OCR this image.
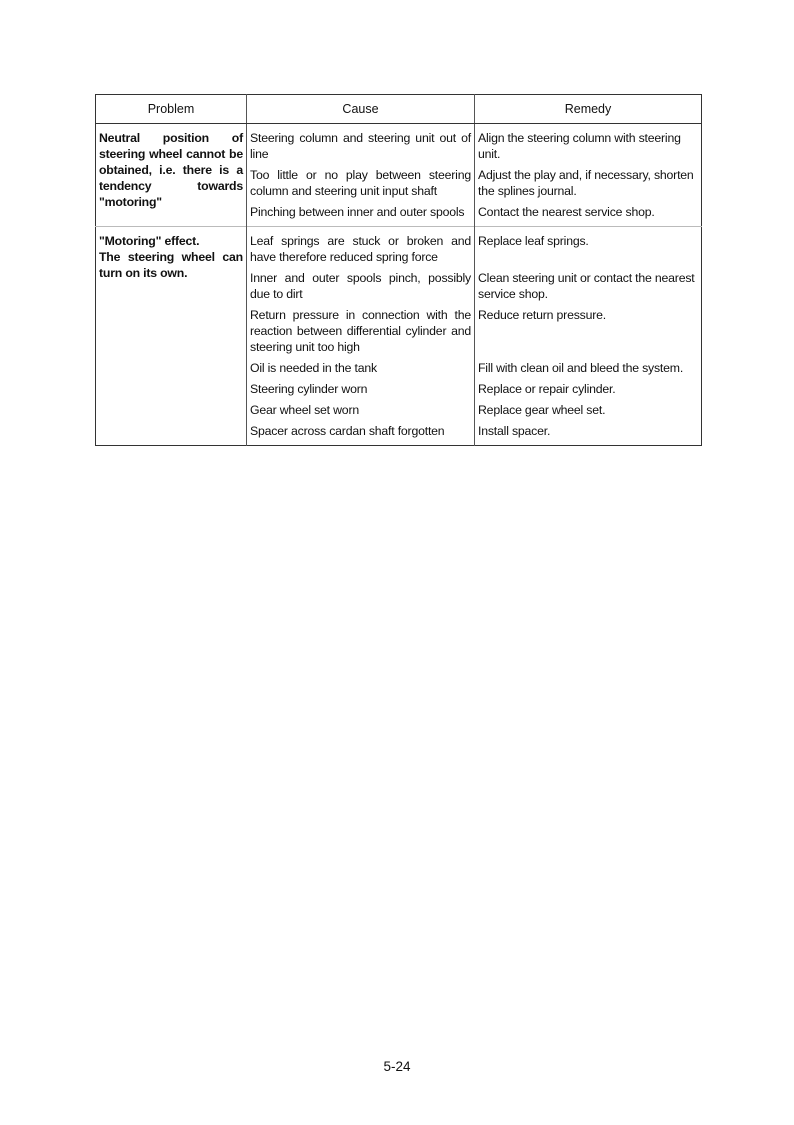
Problem	Cause	Remedy

Neutral position of steering wheel cannot be obtained, i.e. there is a tendency towards "motoring"	Steering column and steering unit out of line	Align the steering column with steering unit.
	Too little or no play between steering column and steering unit input shaft	Adjust the play and, if necessary, shorten the splines journal.
	Pinching between inner and outer spools	Contact the nearest service shop.

"Motoring" effect.
The steering wheel can turn on its own.	Leaf springs are stuck or broken and have therefore reduced spring force	Replace leaf springs.
	Inner and outer spools pinch, possibly due to dirt	Clean steering unit or contact the nearest service shop.
	Return pressure in connection with the reaction between differential cylinder and steering unit too high	Reduce return pressure.
	Oil is needed in the tank	Fill with clean oil and bleed the system.
	Steering cylinder worn	Replace or repair cylinder.
	Gear wheel set worn	Replace gear wheel set.
	Spacer across cardan shaft forgotten	Install spacer.
5-24
